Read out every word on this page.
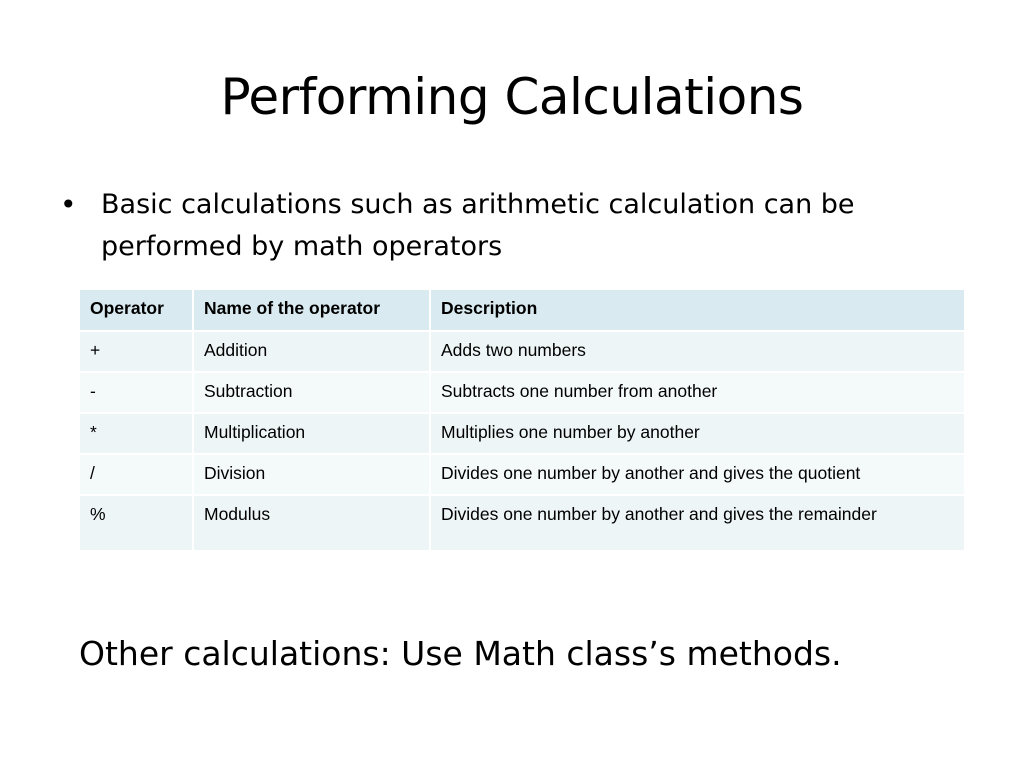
Performing Calculations
• Basic calculations such as arithmetic calculation can be performed by math operators
Operator	Name of the operator	Description
+	Addition	Adds two numbers
-	Subtraction	Subtracts one number from another
*	Multiplication	Multiplies one number by another
/	Division	Divides one number by another and gives the quotient
%	Modulus	Divides one number by another and gives the remainder
Other calculations: Use Math class’s methods.
